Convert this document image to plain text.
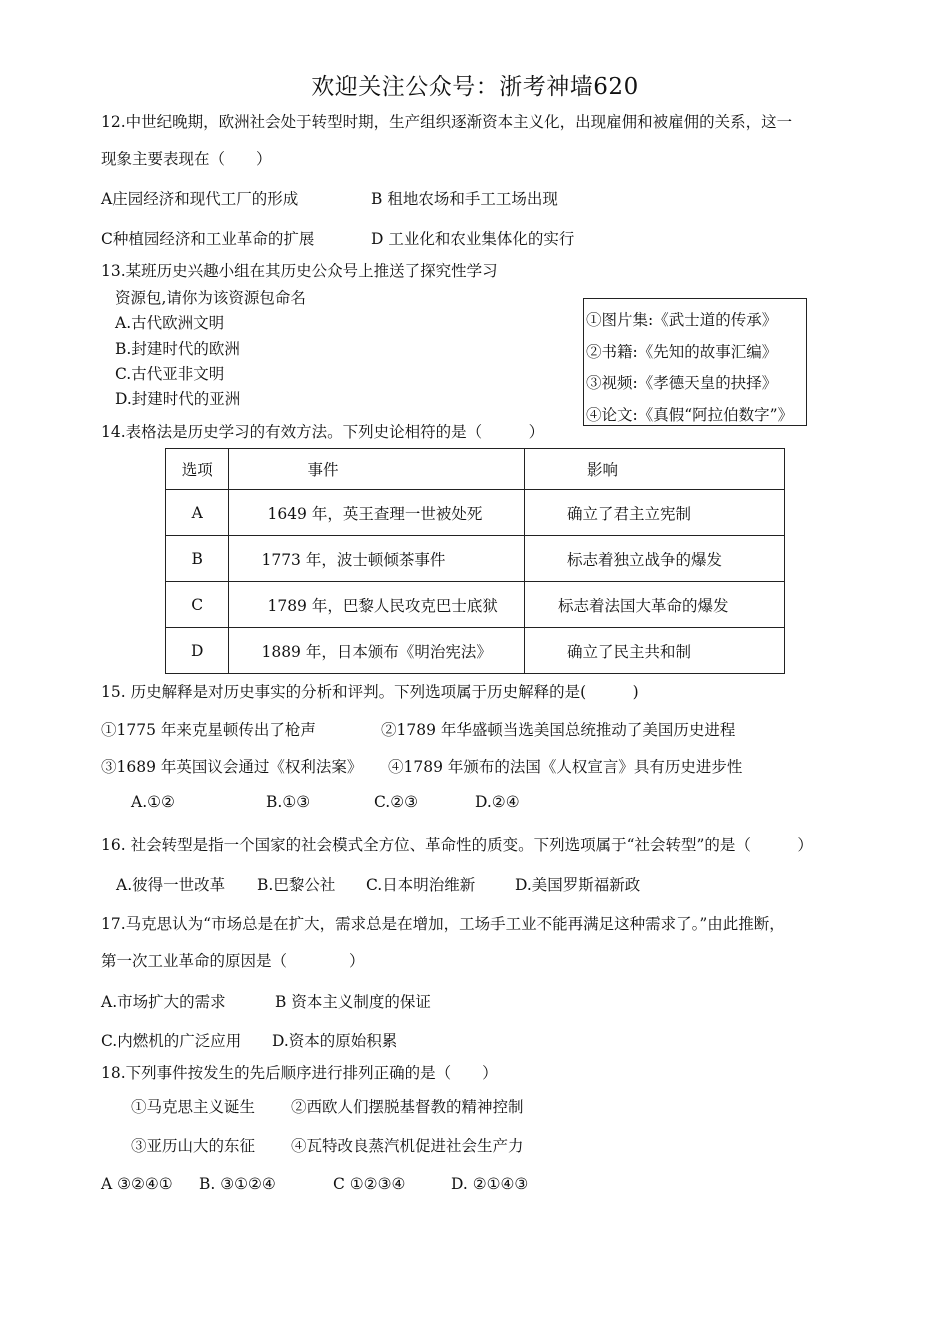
欢迎关注公众号：浙考神墙620
12.中世纪晚期，欧洲社会处于转型时期，生产组织逐渐资本主义化，出现雇佣和被雇佣的关系，这一
现象主要表现在（　　）
A庄园经济和现代工厂的形成	B 租地农场和手工工场出现
C种植园经济和工业革命的扩展	D 工业化和农业集体化的实行
13.某班历史兴趣小组在其历史公众号上推送了探究性学习
资源包,请你为该资源包命名
A.古代欧洲文明
B.封建时代的欧洲
C.古代亚非文明
D.封建时代的亚洲
①图片集:《武士道的传承》
②书籍:《先知的故事汇编》
③视频:《孝德天皇的抉择》
④论文:《真假“阿拉伯数字”》
14.表格法是历史学习的有效方法。下列史论相符的是（　　　）
选项	事件	影响
A	1649 年，英王查理一世被处死	确立了君主立宪制
B	1773 年，波士顿倾茶事件	标志着独立战争的爆发
C	1789 年，巴黎人民攻克巴士底狱	标志着法国大革命的爆发
D	1889 年，日本颁布《明治宪法》	确立了民主共和制
15. 历史解释是对历史事实的分析和评判。下列选项属于历史解释的是(　　　)
①1775 年来克星顿传出了枪声	②1789 年华盛顿当选美国总统推动了美国历史进程
③1689 年英国议会通过《权利法案》 ④1789 年颁布的法国《人权宣言》具有历史进步性
A.①②	B.①③	C.②③	D.②④
16. 社会转型是指一个国家的社会模式全方位、革命性的质变。下列选项属于“社会转型”的是（　　　）
A.彼得一世改革 B.巴黎公社 C.日本明治维新	D.美国罗斯福新政
17.马克思认为“市场总是在扩大，需求总是在增加，工场手工业不能再满足这种需求了。”由此推断，
第一次工业革命的原因是（　　　　）
A.市场扩大的需求	B 资本主义制度的保证
C.内燃机的广泛应用 D.资本的原始积累
18.下列事件按发生的先后顺序进行排列正确的是（　　）
①马克思主义诞生 ②西欧人们摆脱基督教的精神控制
③亚历山大的东征 ④瓦特改良蒸汽机促进社会生产力
A ③②④① B. ③①②④	C ①②③④	D. ②①④③
